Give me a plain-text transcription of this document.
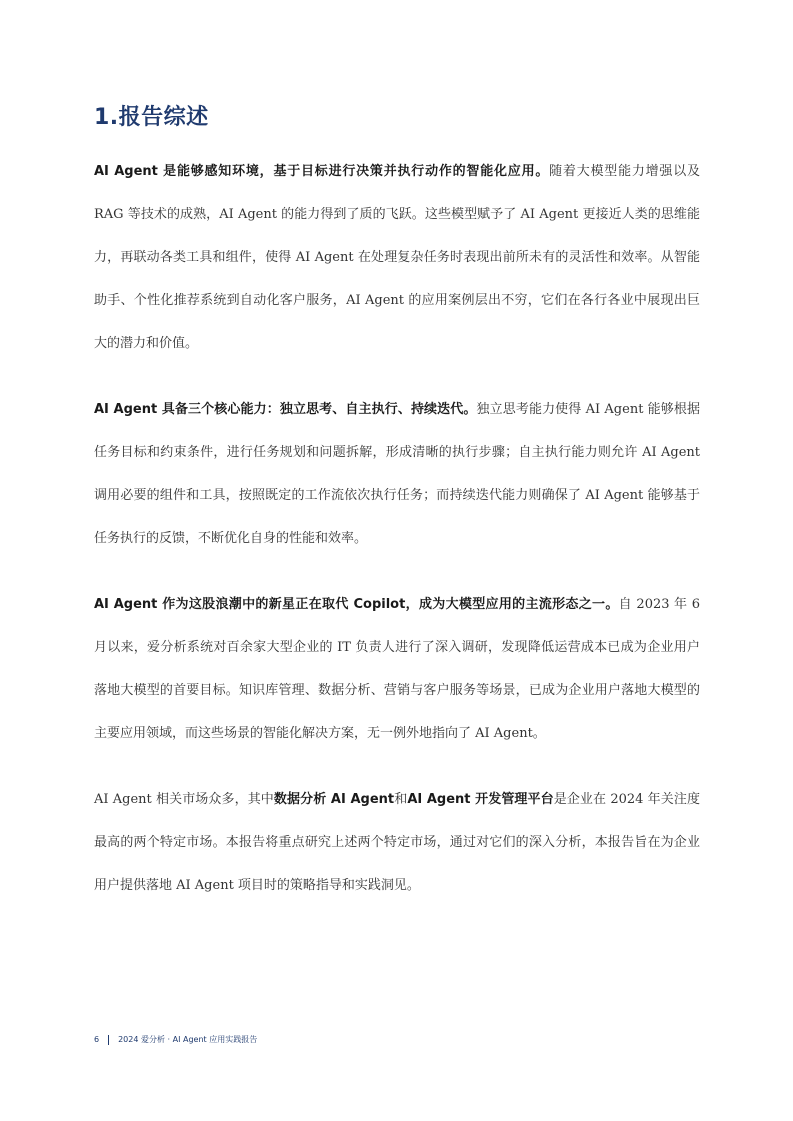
1.报告综述

AI Agent 是能够感知环境，基于目标进行决策并执行动作的智能化应用。随着大模型能力增强以及 RAG 等技术的成熟，AI Agent 的能力得到了质的飞跃。这些模型赋予了 AI Agent 更接近人类的思维能力，再联动各类工具和组件，使得 AI Agent 在处理复杂任务时表现出前所未有的灵活性和效率。从智能助手、个性化推荐系统到自动化客户服务，AI Agent 的应用案例层出不穷，它们在各行各业中展现出巨大的潜力和价值。

AI Agent 具备三个核心能力：独立思考、自主执行、持续迭代。独立思考能力使得 AI Agent 能够根据任务目标和约束条件，进行任务规划和问题拆解，形成清晰的执行步骤；自主执行能力则允许 AI Agent 调用必要的组件和工具，按照既定的工作流依次执行任务；而持续迭代能力则确保了 AI Agent 能够基于任务执行的反馈，不断优化自身的性能和效率。

AI Agent 作为这股浪潮中的新星正在取代 Copilot，成为大模型应用的主流形态之一。自 2023 年 6 月以来，爱分析系统对百余家大型企业的 IT 负责人进行了深入调研，发现降低运营成本已成为企业用户落地大模型的首要目标。知识库管理、数据分析、营销与客户服务等场景，已成为企业用户落地大模型的主要应用领域，而这些场景的智能化解决方案，无一例外地指向了 AI Agent。

AI Agent 相关市场众多，其中数据分析 AI Agent和AI Agent 开发管理平台是企业在 2024 年关注度最高的两个特定市场。本报告将重点研究上述两个特定市场，通过对它们的深入分析，本报告旨在为企业用户提供落地 AI Agent 项目时的策略指导和实践洞见。

6 2024 爱分析 · AI Agent 应用实践报告
